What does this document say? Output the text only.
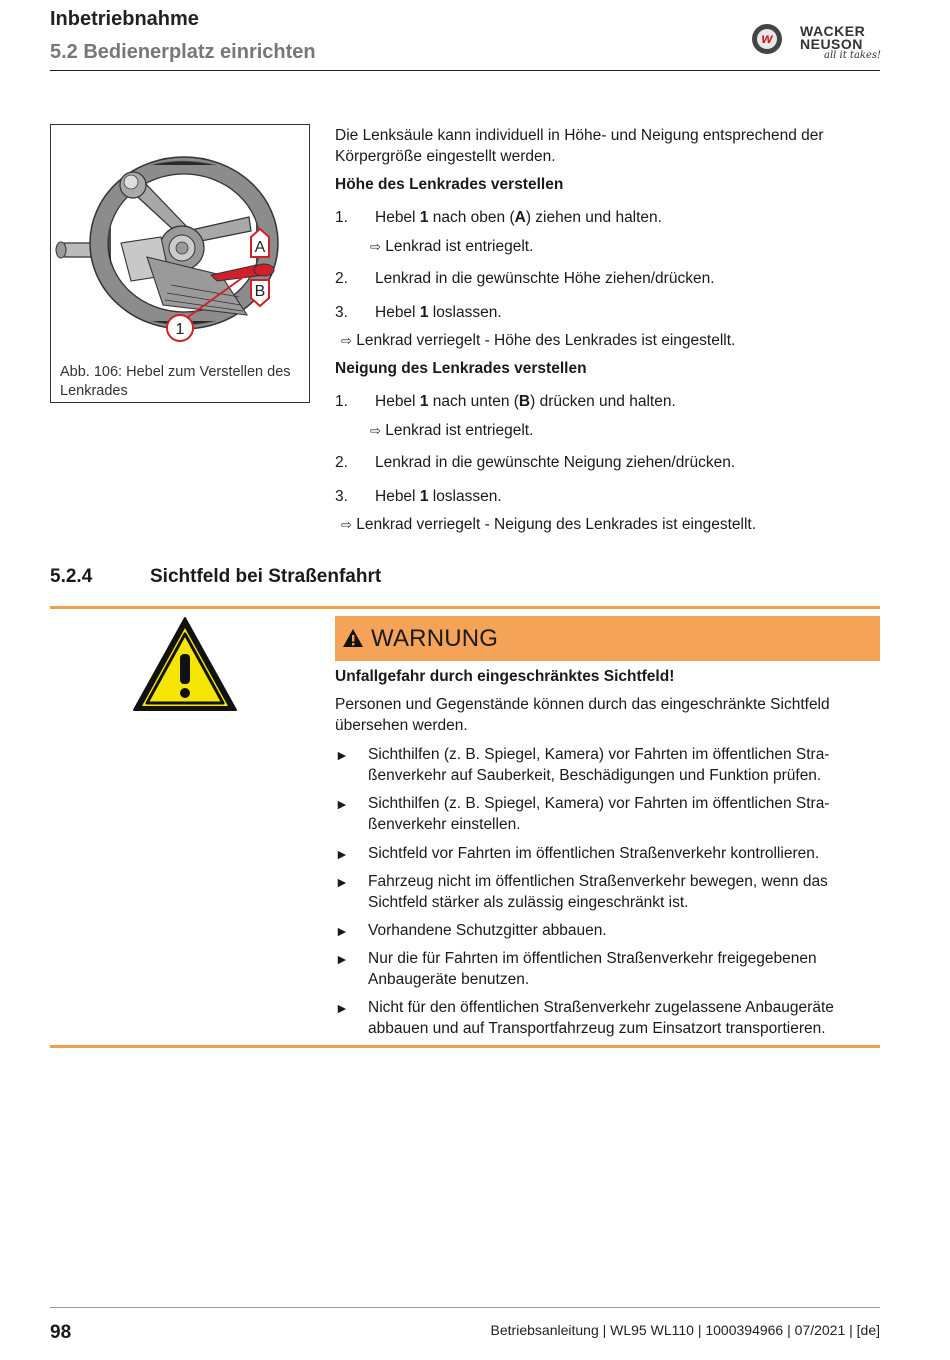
Inbetriebnahme
5.2 Bedienerplatz einrichten
w	WACKER
NEUSON
all it takes!
A
B
1
Abb. 106: Hebel zum Verstellen des Lenkrades
Die Lenksäule kann individuell in Höhe- und Neigung entsprechend der Körpergröße eingestellt werden.
Höhe des Lenkrades verstellen
1. Hebel 1 nach oben (A) ziehen und halten.
⇨ Lenkrad ist entriegelt.
2. Lenkrad in die gewünschte Höhe ziehen/drücken.
3. Hebel 1 loslassen.
⇨ Lenkrad verriegelt - Höhe des Lenkrades ist eingestellt.
Neigung des Lenkrades verstellen
1. Hebel 1 nach unten (B) drücken und halten.
⇨ Lenkrad ist entriegelt.
2. Lenkrad in die gewünschte Neigung ziehen/drücken.
3. Hebel 1 loslassen.
⇨ Lenkrad verriegelt - Neigung des Lenkrades ist eingestellt.
5.2.4	Sichtfeld bei Straßenfahrt
WARNUNG
Unfallgefahr durch eingeschränktes Sichtfeld!
Personen und Gegenstände können durch das eingeschränkte Sichtfeld übersehen werden.
► Sichthilfen (z. B. Spiegel, Kamera) vor Fahrten im öffentlichen Stra-
ßenverkehr auf Sauberkeit, Beschädigungen und Funktion prüfen.
► Sichthilfen (z. B. Spiegel, Kamera) vor Fahrten im öffentlichen Stra-
ßenverkehr einstellen.
► Sichtfeld vor Fahrten im öffentlichen Straßenverkehr kontrollieren.
► Fahrzeug nicht im öffentlichen Straßenverkehr bewegen, wenn das
Sichtfeld stärker als zulässig eingeschränkt ist.
► Vorhandene Schutzgitter abbauen.
► Nur die für Fahrten im öffentlichen Straßenverkehr freigegebenen
Anbaugeräte benutzen.
► Nicht für den öffentlichen Straßenverkehr zugelassene Anbaugeräte
abbauen und auf Transportfahrzeug zum Einsatzort transportieren.
98	Betriebsanleitung | WL95 WL110 | 1000394966 | 07/2021 | [de]
